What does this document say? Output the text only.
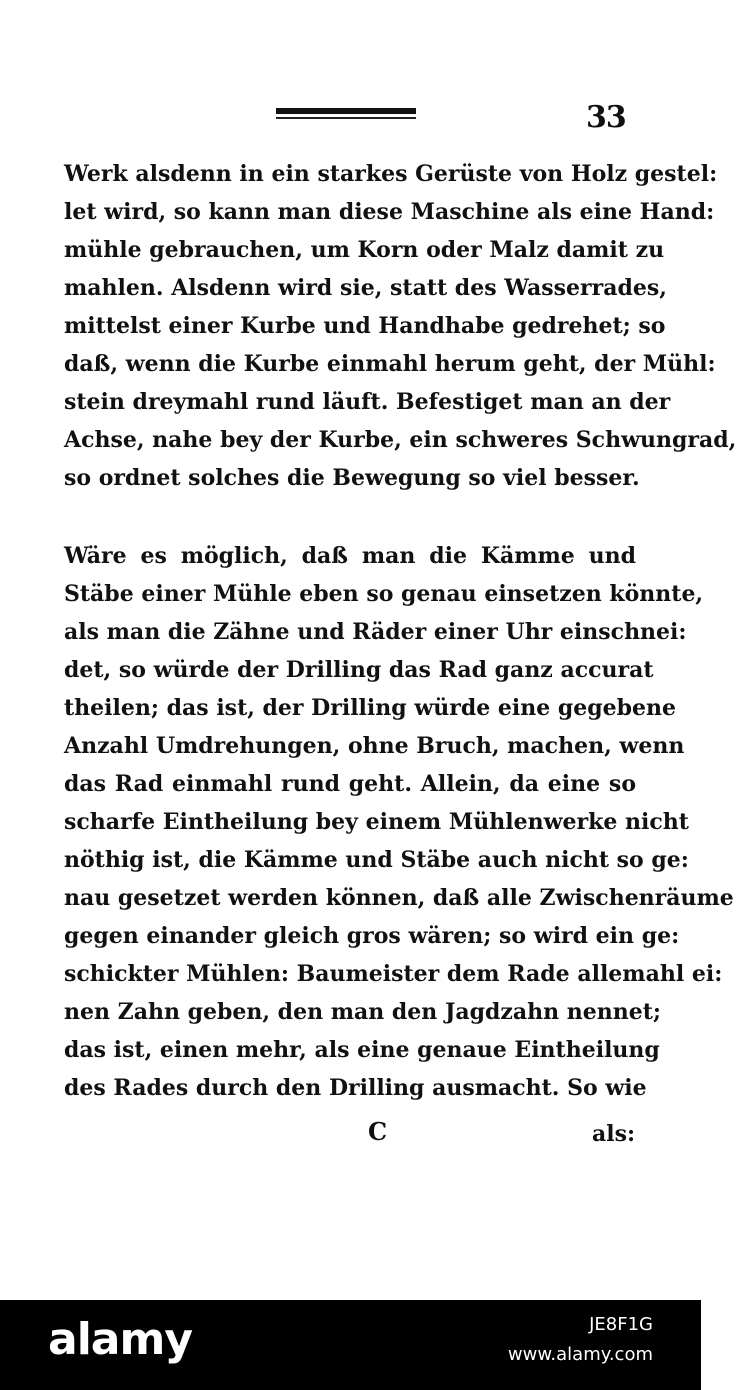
33
Werk alsdenn in ein starkes Gerüste von Holz gestel:
let wird, so kann man diese Maschine als eine Hand:
mühle gebrauchen, um Korn oder Malz damit zu
mahlen. Alsdenn wird sie, statt des Wasserrades,
mittelst einer Kurbe und Handhabe gedrehet; so
daß, wenn die Kurbe einmahl herum geht, der Mühl:
stein dreymahl rund läuft. Befestiget man an der
Achse, nahe bey der Kurbe, ein schweres Schwungrad,
so ordnet solches die Bewegung so viel besser.
Wäre es möglich, daß man die Kämme und
Stäbe einer Mühle eben so genau einsetzen könnte,
als man die Zähne und Räder einer Uhr einschnei:
det, so würde der Drilling das Rad ganz accurat
theilen; das ist, der Drilling würde eine gegebene
Anzahl Umdrehungen, ohne Bruch, machen, wenn
das Rad einmahl rund geht. Allein, da eine so
scharfe Eintheilung bey einem Mühlenwerke nicht
nöthig ist, die Kämme und Stäbe auch nicht so ge:
nau gesetzet werden können, daß alle Zwischenräume
gegen einander gleich gros wären; so wird ein ge:
schickter Mühlen: Baumeister dem Rade allemahl ei:
nen Zahn geben, den man den Jagdzahn nennet;
das ist, einen mehr, als eine genaue Eintheilung
des Rades durch den Drilling ausmacht. So wie
C	als:
alamy	JE8F1G
www.alamy.com
